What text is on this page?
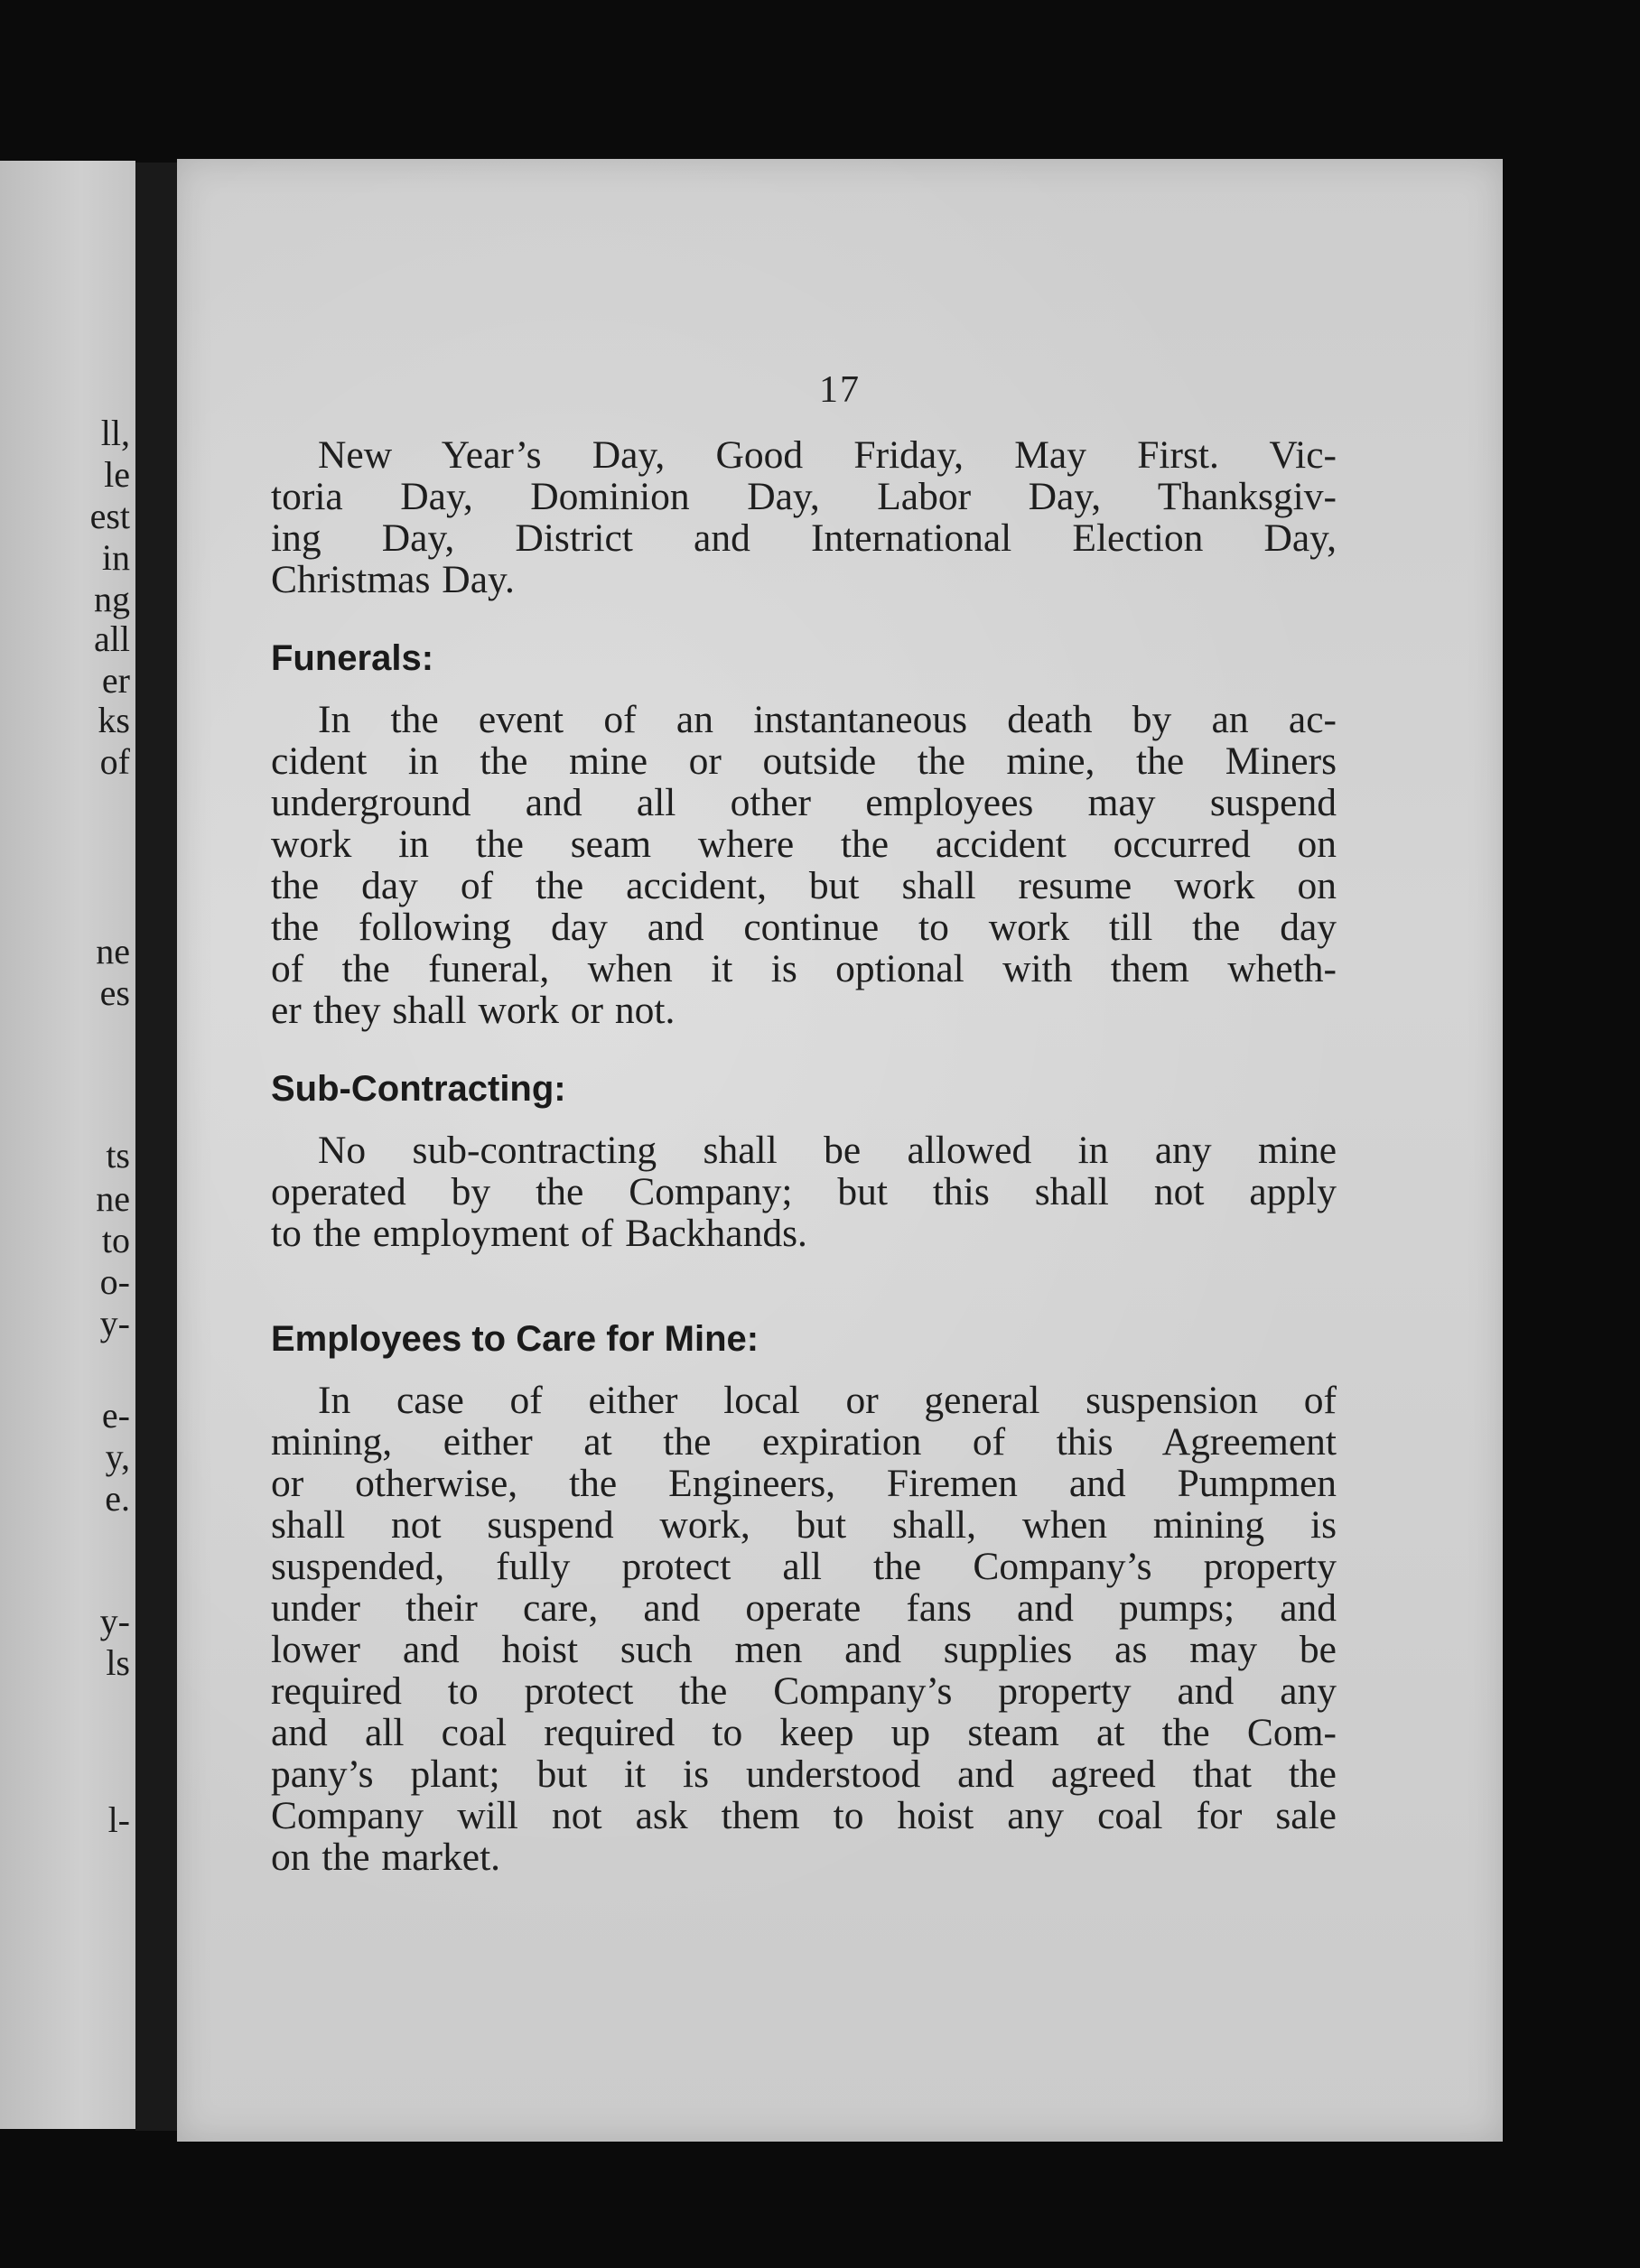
ll,
le
est
in
ng
all
er
ks
of
ne
es
ts
ne
to
o-
y-
e-
y,
e.
y-
ls
l-
17
New Year’s Day, Good Friday, May First. Vic-
toria Day, Dominion Day, Labor Day, Thanksgiv-
ing Day, District and International Election Day,
Christmas Day.
Funerals:
In the event of an instantaneous death by an ac-
cident in the mine or outside the mine, the Miners
underground and all other employees may suspend
work in the seam where the accident occurred on
the day of the accident, but shall resume work on
the following day and continue to work till the day
of the funeral, when it is optional with them wheth-
er they shall work or not.
Sub-Contracting:
No sub-contracting shall be allowed in any mine
operated by the Company; but this shall not apply
to the employment of Backhands.
Employees to Care for Mine:
In case of either local or general suspension of
mining, either at the expiration of this Agreement
or otherwise, the Engineers, Firemen and Pumpmen
shall not suspend work, but shall, when mining is
suspended, fully protect all the Company’s property
under their care, and operate fans and pumps; and
lower and hoist such men and supplies as may be
required to protect the Company’s property and any
and all coal required to keep up steam at the Com-
pany’s plant; but it is understood and agreed that the
Company will not ask them to hoist any coal for sale
on the market.
